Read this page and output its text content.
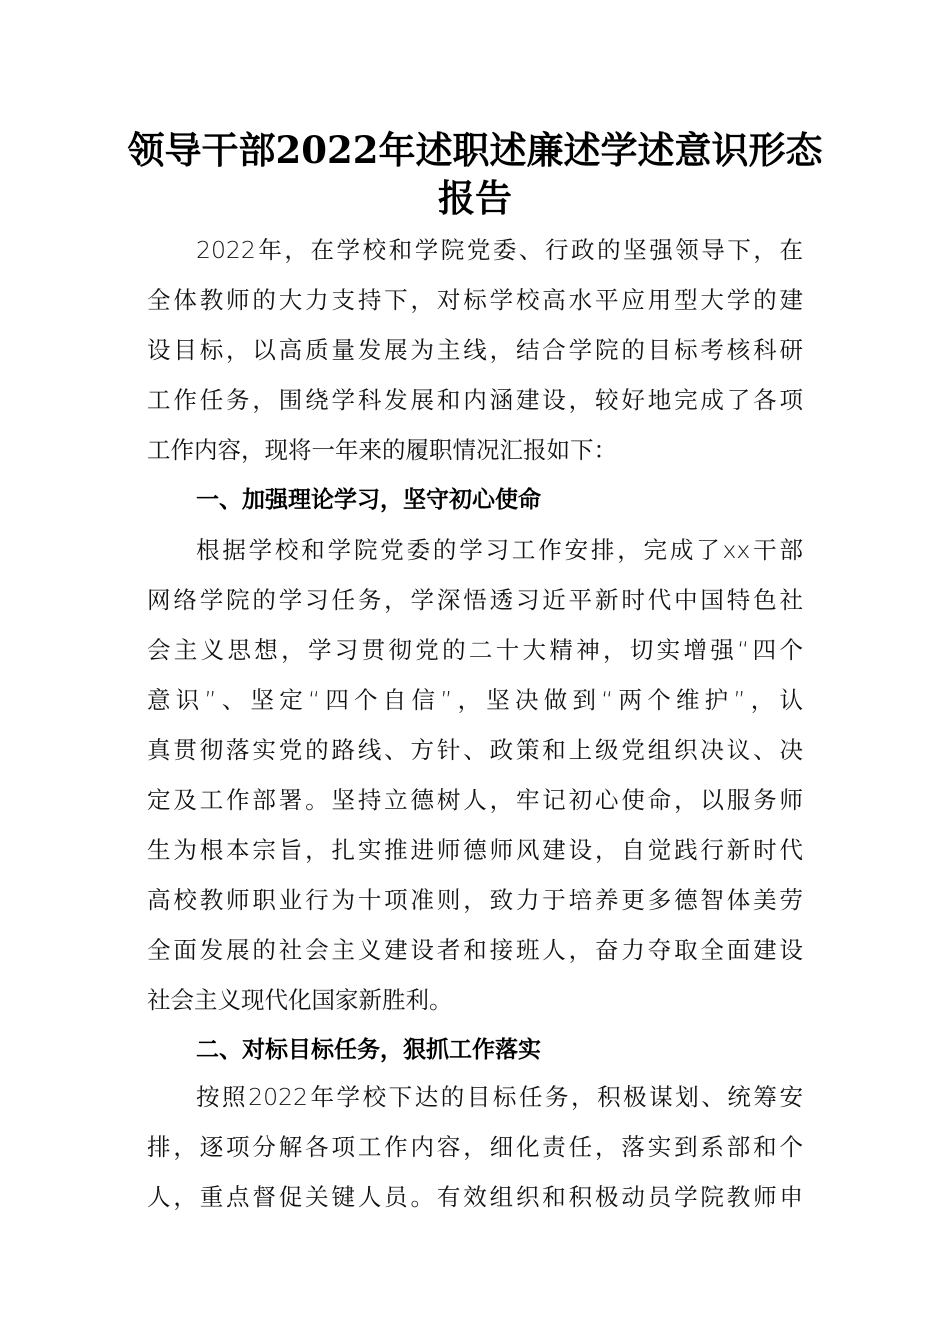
领导干部2022年述职述廉述学述意识形态
报告
2022年，在学校和学院党委、行政的坚强领导下，在
全体教师的大力支持下，对标学校高水平应用型大学的建
设目标，以高质量发展为主线，结合学院的目标考核科研
工作任务，围绕学科发展和内涵建设，较好地完成了各项
工作内容，现将一年来的履职情况汇报如下：
一、加强理论学习，坚守初心使命
根据学校和学院党委的学习工作安排，完成了xx干部
网络学院的学习任务，学深悟透习近平新时代中国特色社
会主义思想，学习贯彻党的二十大精神，切实增强“四个
意识”、坚定“四个自信”，坚决做到“两个维护”，认
真贯彻落实党的路线、方针、政策和上级党组织决议、决
定及工作部署。坚持立德树人，牢记初心使命，以服务师
生为根本宗旨，扎实推进师德师风建设，自觉践行新时代
高校教师职业行为十项准则，致力于培养更多德智体美劳
全面发展的社会主义建设者和接班人，奋力夺取全面建设
社会主义现代化国家新胜利。
二、对标目标任务，狠抓工作落实
按照2022年学校下达的目标任务，积极谋划、统筹安
排，逐项分解各项工作内容，细化责任，落实到系部和个
人，重点督促关键人员。有效组织和积极动员学院教师申
